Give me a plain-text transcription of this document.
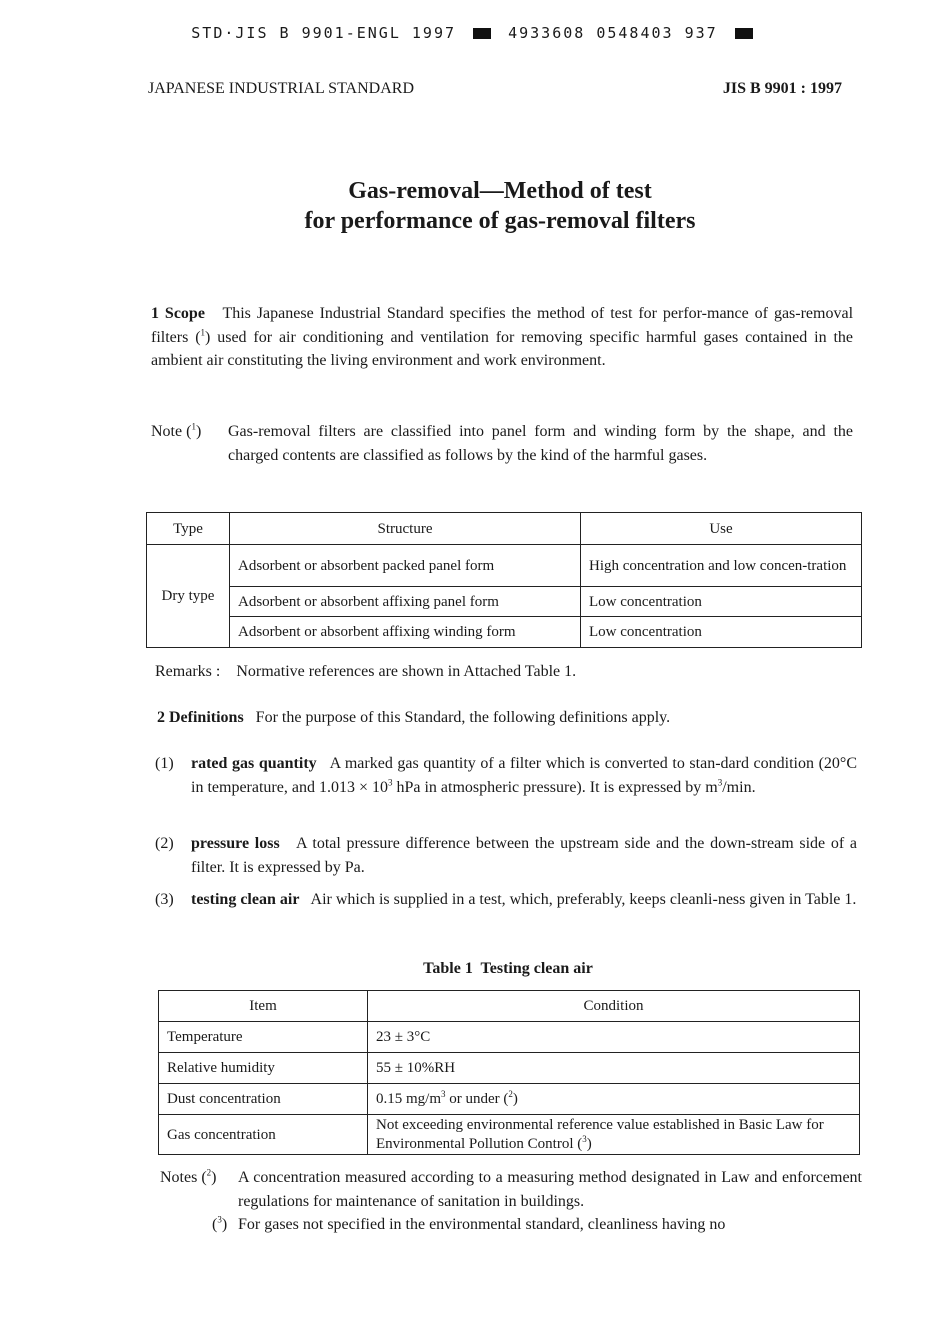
STD·JIS B 9901-ENGL 1997	4933608 0548403 937
JAPANESE INDUSTRIAL STANDARD	JIS B 9901 : 1997
Gas-removal—Method of test
for performance of gas-removal filters
1 Scope This Japanese Industrial Standard specifies the method of test for perfor-mance of gas-removal filters ($^1$) used for air conditioning and ventilation for removing specific harmful gases contained in the ambient air constituting the living environment and work environment.
Note ($^1$) Gas-removal filters are classified into panel form and winding form by the shape, and the charged contents are classified as follows by the kind of the harmful gases.
Type	Structure	Use
Dry type	Adsorbent or absorbent packed panel form	High concentration and low concen-tration
	Adsorbent or absorbent affixing panel form	Low concentration
	Adsorbent or absorbent affixing winding form	Low concentration
Remarks : Normative references are shown in Attached Table 1.
2 Definitions For the purpose of this Standard, the following definitions apply.
(1) rated gas quantity A marked gas quantity of a filter which is converted to stan-dard condition (20°C in temperature, and $1.013 \times 10^3$ hPa in atmospheric pressure). It is expressed by $m^3/\min$.
(2) pressure loss A total pressure difference between the upstream side and the down-stream side of a filter. It is expressed by Pa.
(3) testing clean air Air which is supplied in a test, which, preferably, keeps cleanli-ness given in Table 1.
Table 1  Testing clean air
Item	Condition
Temperature	23 ± 3°C
Relative humidity	55 ± 10%RH
Dust concentration	0.15 $mg/m^3$ or under ($^2$)
Gas concentration	Not exceeding environmental reference value established in Basic Law for Environmental Pollution Control ($^3$)
Notes ($^2$) A concentration measured according to a measuring method designated in Law and enforcement regulations for maintenance of sanitation in buildings.
($^3$) For gases not specified in the environmental standard, cleanliness having no
